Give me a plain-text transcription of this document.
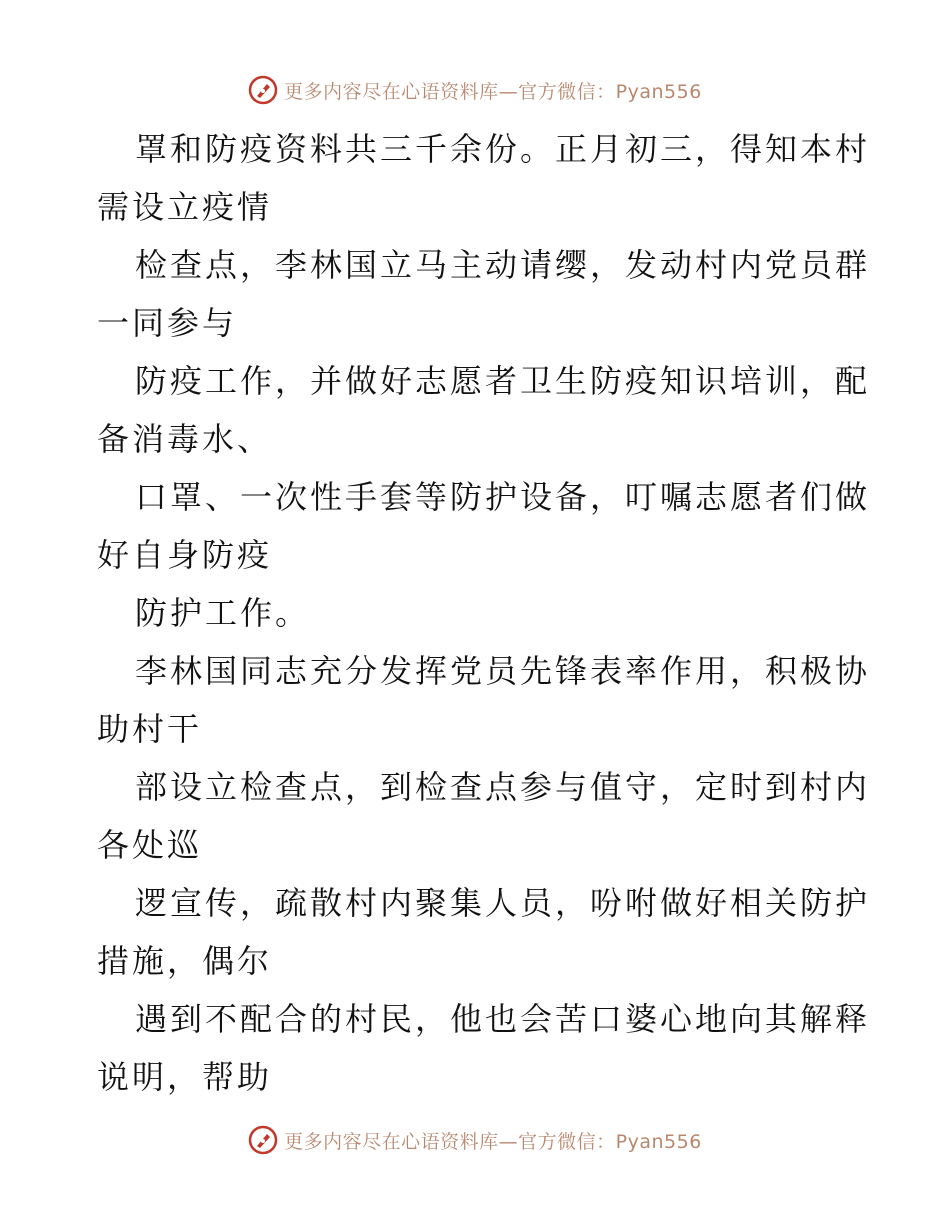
更多内容尽在心语资料库—官方微信：Pyan556
罩和防疫资料共三千余份。正月初三，得知本村
需设立疫情
检查点，李林国立马主动请缨，发动村内党员群
一同参与
防疫工作，并做好志愿者卫生防疫知识培训，配
备消毒水、
口罩、一次性手套等防护设备，叮嘱志愿者们做
好自身防疫
防护工作。
李林国同志充分发挥党员先锋表率作用，积极协
助村干
部设立检查点，到检查点参与值守，定时到村内
各处巡
逻宣传，疏散村内聚集人员，吩咐做好相关防护
措施，偶尔
遇到不配合的村民，他也会苦口婆心地向其解释
说明，帮助
更多内容尽在心语资料库—官方微信：Pyan556
